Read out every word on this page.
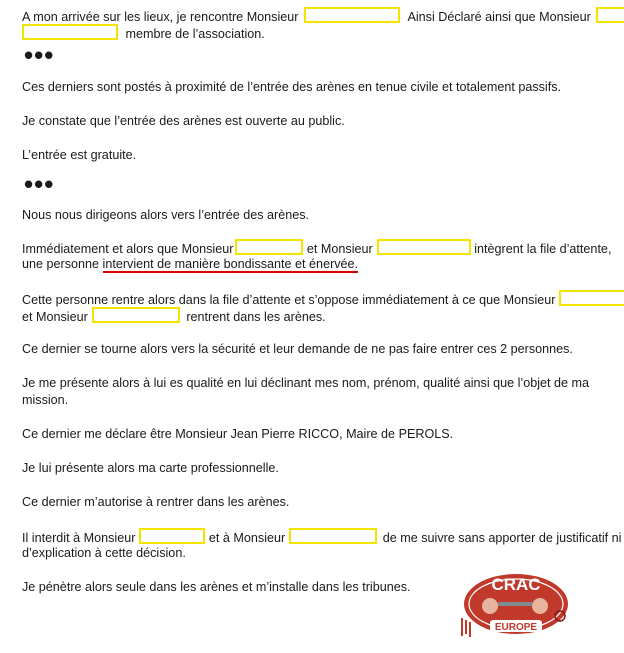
A mon arrivée sur les lieux, je rencontre Monsieur	Ainsi Déclaré ainsi que Monsieur
membre de l’association.
•••
Ces derniers sont postés à proximité de l’entrée des arènes en tenue civile et totalement passifs.
Je constate que l’entrée des arènes est ouverte au public.
L’entrée est gratuite.
•••
Nous nous dirigeons alors vers l’entrée des arènes.
Immédiatement et alors que Monsieur	et Monsieur	intègrent la file d’attente,
une personne intervient de manière bondissante et énervée.
Cette personne rentre alors dans la file d’attente et s’oppose immédiatement à ce que Monsieur
et Monsieur	rentrent dans les arènes.
Ce dernier se tourne alors vers la sécurité et leur demande de ne pas faire entrer ces 2 personnes.
Je me présente alors à lui es qualité en lui déclinant mes nom, prénom, qualité ainsi que l’objet de ma
mission.
Ce dernier me déclare être Monsieur Jean Pierre RICCO, Maire de PEROLS.
Je lui présente alors ma carte professionnelle.
Ce dernier m’autorise à rentrer dans les arènes.
Il interdit à Monsieur	et à Monsieur	de me suivre sans apporter de justificatif ni
d’explication à cette décision.
Je pénètre alors seule dans les arènes et m’installe dans les tribunes.	CRAC
EUROPE
